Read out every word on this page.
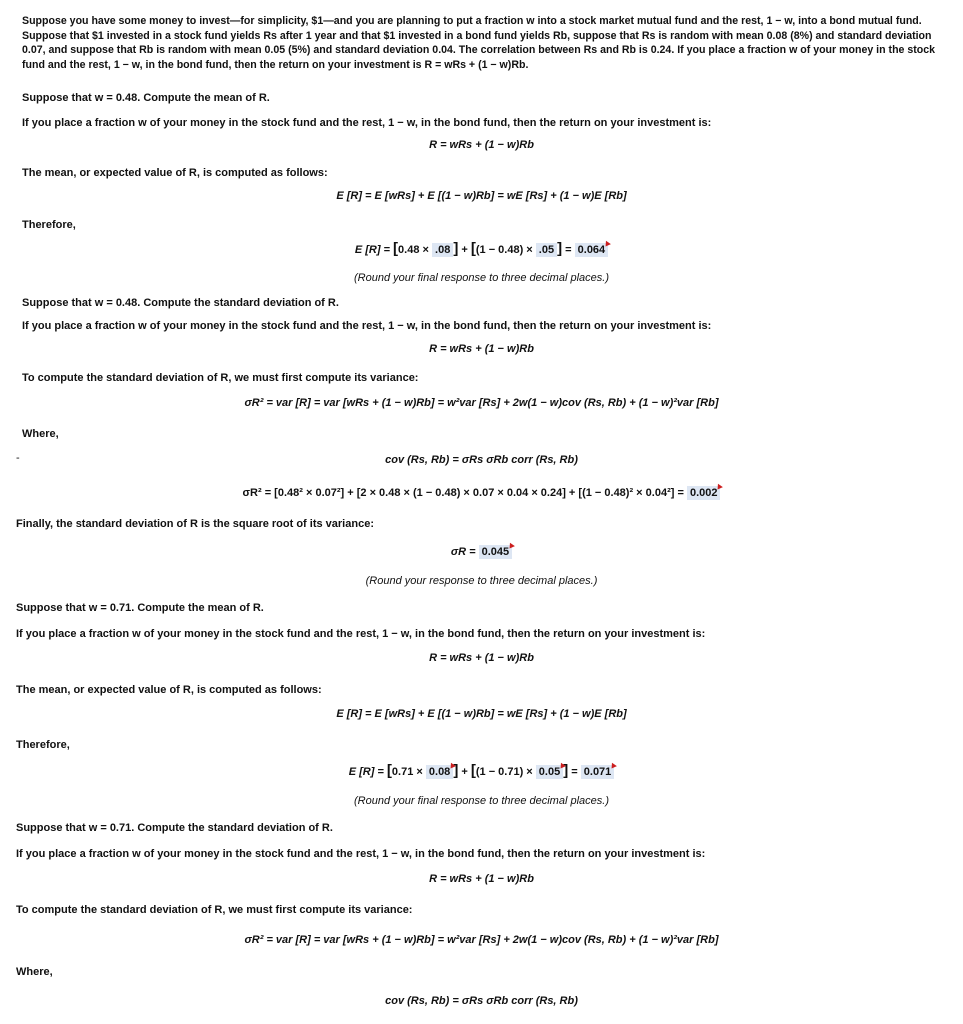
Suppose you have some money to invest—for simplicity, $1—and you are planning to put a fraction w into a stock market mutual fund and the rest, 1 − w, into a bond mutual fund. Suppose that $1 invested in a stock fund yields Rs after 1 year and that $1 invested in a bond fund yields Rb, suppose that Rs is random with mean 0.08 (8%) and standard deviation 0.07, and suppose that Rb is random with mean 0.05 (5%) and standard deviation 0.04. The correlation between Rs and Rb is 0.24. If you place a fraction w of your money in the stock fund and the rest, 1 − w, in the bond fund, then the return on your investment is R = wRs + (1 − w)Rb.
Suppose that w = 0.48. Compute the mean of R.
If you place a fraction w of your money in the stock fund and the rest, 1 − w, in the bond fund, then the return on your investment is:
R = wRs + (1 − w)Rb
The mean, or expected value of R, is computed as follows:
E [R] = E [wRs] + E [(1 − w)Rb] = wE [Rs] + (1 − w)E [Rb]
Therefore,
E [R] = [0.48 × .08 ] + [(1 − 0.48) × .05 ] = 0.064
(Round your final response to three decimal places.)
Suppose that w = 0.48. Compute the standard deviation of R.
If you place a fraction w of your money in the stock fund and the rest, 1 − w, in the bond fund, then the return on your investment is:
R = wRs + (1 − w)Rb
To compute the standard deviation of R, we must first compute its variance:
σR² = var [R] = var [wRs + (1 − w)Rb] = w²var [Rs] + 2w(1 − w)cov (Rs, Rb) + (1 − w)²var [Rb]
Where,
-	cov (Rs, Rb) = σRs σRb corr (Rs, Rb)
σR² = [0.48² × 0.07²] + [2 × 0.48 × (1 − 0.48) × 0.07 × 0.04 × 0.24] + [(1 − 0.48)² × 0.04²] = 0.002
Finally, the standard deviation of R is the square root of its variance:
σR = 0.045
(Round your response to three decimal places.)
Suppose that w = 0.71. Compute the mean of R.
If you place a fraction w of your money in the stock fund and the rest, 1 − w, in the bond fund, then the return on your investment is:
R = wRs + (1 − w)Rb
The mean, or expected value of R, is computed as follows:
E [R] = E [wRs] + E [(1 − w)Rb] = wE [Rs] + (1 − w)E [Rb]
Therefore,
E [R] = [0.71 × 0.08 ] + [(1 − 0.71) × 0.05 ] = 0.071
(Round your final response to three decimal places.)
Suppose that w = 0.71. Compute the standard deviation of R.
If you place a fraction w of your money in the stock fund and the rest, 1 − w, in the bond fund, then the return on your investment is:
R = wRs + (1 − w)Rb
To compute the standard deviation of R, we must first compute its variance:
σR² = var [R] = var [wRs + (1 − w)Rb] = w²var [Rs] + 2w(1 − w)cov (Rs, Rb) + (1 − w)²var [Rb]
Where,
cov (Rs, Rb) = σRs σRb corr (Rs, Rb)
